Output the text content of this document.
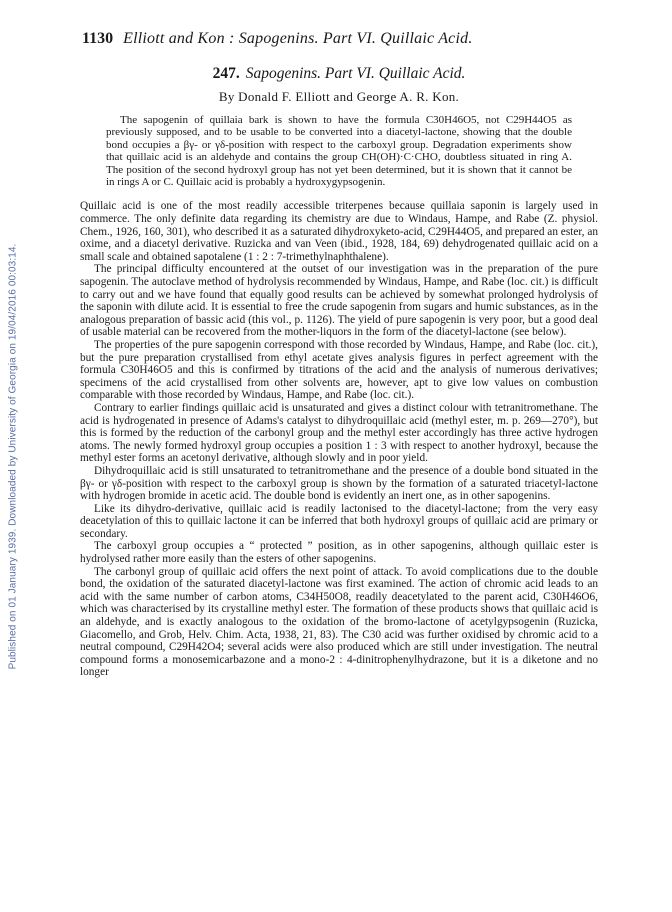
Published on 01 January 1939. Downloaded by University of Georgia on 19/04/2016 00:03:14.
1130 Elliott and Kon : Sapogenins. Part VI. Quillaic Acid.
247. Sapogenins. Part VI. Quillaic Acid.
By Donald F. Elliott and George A. R. Kon.
The sapogenin of quillaia bark is shown to have the formula C30H46O5, not C29H44O5 as previously supposed, and to be usable to be converted into a diacetyl-lactone, showing that the double bond occupies a βγ- or γδ-position with respect to the carboxyl group. Degradation experiments show that quillaic acid is an aldehyde and contains the group CH(OH)·C·CHO, doubtless situated in ring A. The position of the second hydroxyl group has not yet been determined, but it is shown that it cannot be in rings A or C. Quillaic acid is probably a hydroxygypsogenin.

Quillaic acid is one of the most readily accessible triterpenes because quillaia saponin is largely used in commerce. The only definite data regarding its chemistry are due to Windaus, Hampe, and Rabe (Z. physiol. Chem., 1926, 160, 301), who described it as a saturated dihydroxyketo-acid, C29H44O5, and prepared an ester, an oxime, and a diacetyl derivative. Ruzicka and van Veen (ibid., 1928, 184, 69) dehydrogenated quillaic acid on a small scale and obtained sapotalene (1 : 2 : 7-trimethylnaphthalene).

The principal difficulty encountered at the outset of our investigation was in the preparation of the pure sapogenin. The autoclave method of hydrolysis recommended by Windaus, Hampe, and Rabe (loc. cit.) is difficult to carry out and we have found that equally good results can be achieved by somewhat prolonged hydrolysis of the saponin with dilute acid. It is essential to free the crude sapogenin from sugars and humic substances, as in the analogous preparation of bassic acid (this vol., p. 1126). The yield of pure sapogenin is very poor, but a good deal of usable material can be recovered from the mother-liquors in the form of the diacetyl-lactone (see below).

The properties of the pure sapogenin correspond with those recorded by Windaus, Hampe, and Rabe (loc. cit.), but the pure preparation crystallised from ethyl acetate gives analysis figures in perfect agreement with the formula C30H46O5 and this is confirmed by titrations of the acid and the analysis of numerous derivatives; specimens of the acid crystallised from other solvents are, however, apt to give low values on combustion comparable with those recorded by Windaus, Hampe, and Rabe (loc. cit.).

Contrary to earlier findings quillaic acid is unsaturated and gives a distinct colour with tetranitromethane. The acid is hydrogenated in presence of Adams's catalyst to dihydroquillaic acid (methyl ester, m. p. 269—270°), but this is formed by the reduction of the carbonyl group and the methyl ester accordingly has three active hydrogen atoms. The newly formed hydroxyl group occupies a position 1 : 3 with respect to another hydroxyl, because the methyl ester forms an acetonyl derivative, although slowly and in poor yield.

Dihydroquillaic acid is still unsaturated to tetranitromethane and the presence of a double bond situated in the βγ- or γδ-position with respect to the carboxyl group is shown by the formation of a saturated triacetyl-lactone with hydrogen bromide in acetic acid. The double bond is evidently an inert one, as in other sapogenins.

Like its dihydro-derivative, quillaic acid is readily lactonised to the diacetyl-lactone; from the very easy deacetylation of this to quillaic lactone it can be inferred that both hydroxyl groups of quillaic acid are primary or secondary.

The carboxyl group occupies a “ protected ” position, as in other sapogenins, although quillaic ester is hydrolysed rather more easily than the esters of other sapogenins.

The carbonyl group of quillaic acid offers the next point of attack. To avoid complications due to the double bond, the oxidation of the saturated diacetyl-lactone was first examined. The action of chromic acid leads to an acid with the same number of carbon atoms, C34H50O8, readily deacetylated to the parent acid, C30H46O6, which was characterised by its crystalline methyl ester. The formation of these products shows that quillaic acid is an aldehyde, and is exactly analogous to the oxidation of the bromo-lactone of acetylgypsogenin (Ruzicka, Giacomello, and Grob, Helv. Chim. Acta, 1938, 21, 83). The C30 acid was further oxidised by chromic acid to a neutral compound, C29H42O4; several acids were also produced which are still under investigation. The neutral compound forms a monosemicarbazone and a mono-2 : 4-dinitrophenylhydrazone, but it is a diketone and no longer
